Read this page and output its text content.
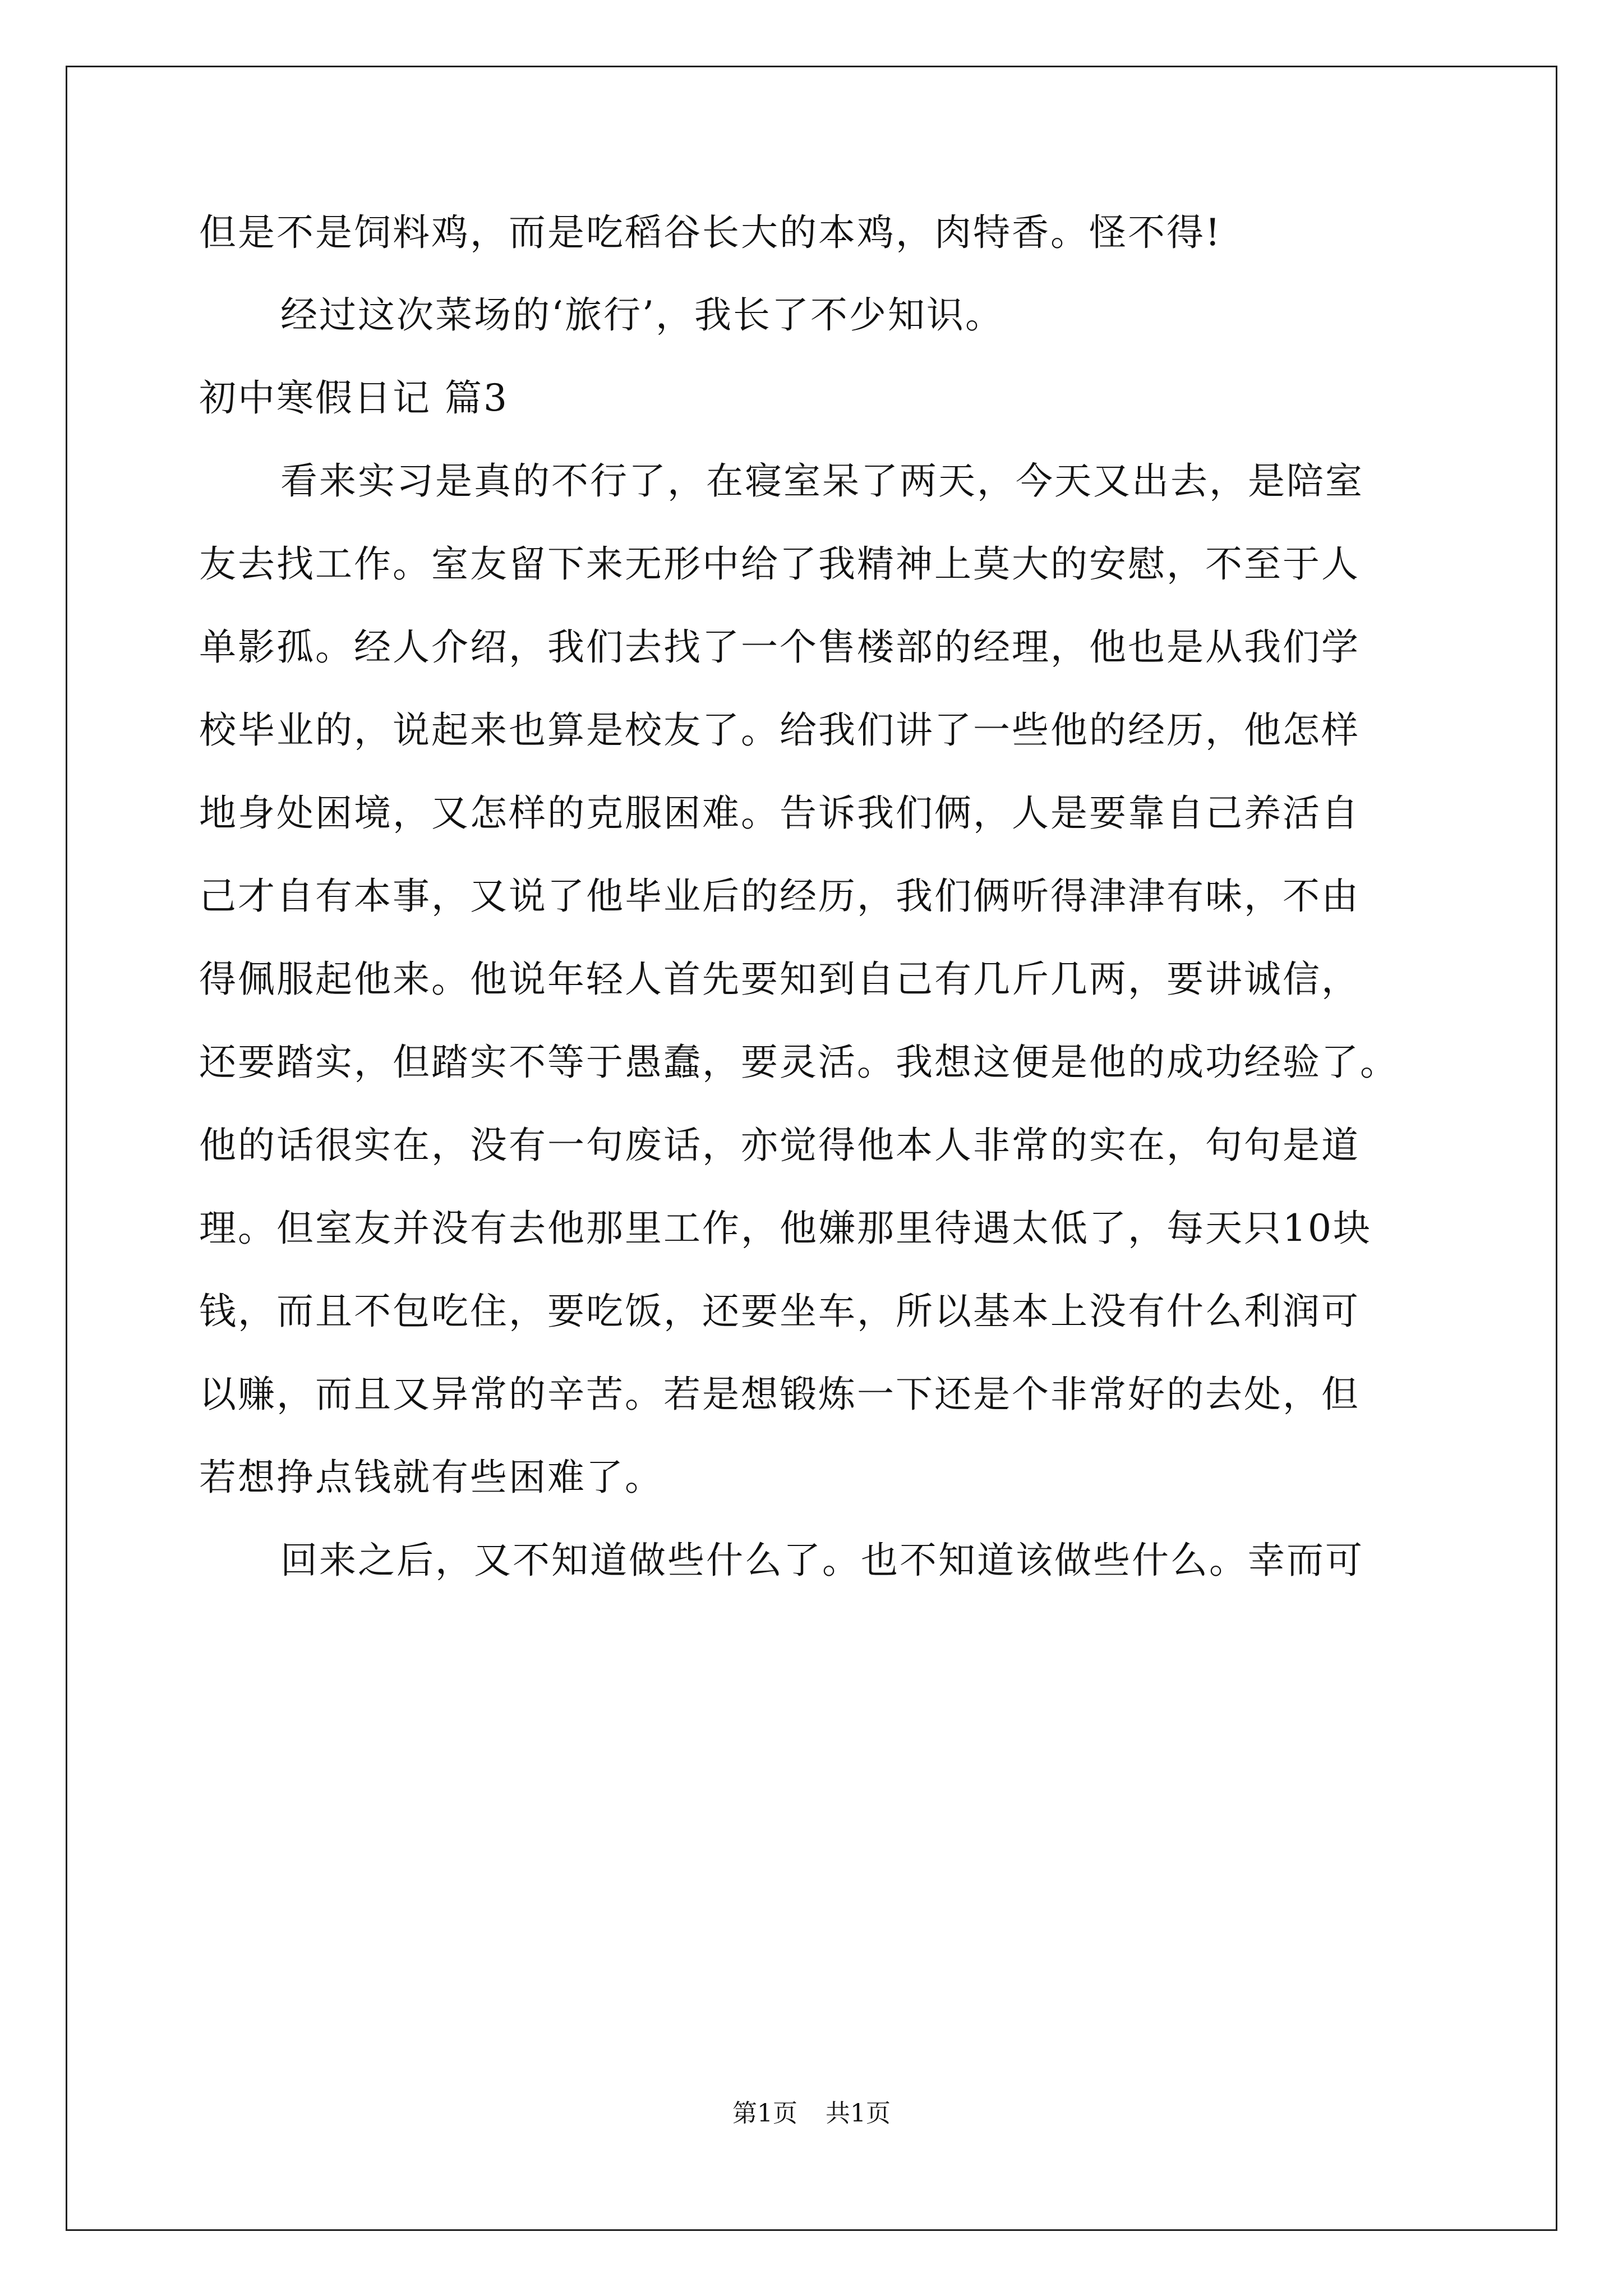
但是不是饲料鸡，而是吃稻谷长大的本鸡，肉特香。怪不得!
经过这次菜场的‘旅行’，我长了不少知识。
初中寒假日记 篇3
看来实习是真的不行了，在寝室呆了两天，今天又出去，是陪室
友去找工作。室友留下来无形中给了我精神上莫大的安慰，不至于人
单影孤。经人介绍，我们去找了一个售楼部的经理，他也是从我们学
校毕业的，说起来也算是校友了。给我们讲了一些他的经历，他怎样
地身处困境，又怎样的克服困难。告诉我们俩，人是要靠自己养活自
己才自有本事，又说了他毕业后的经历，我们俩听得津津有味，不由
得佩服起他来。他说年轻人首先要知到自己有几斤几两，要讲诚信，
还要踏实，但踏实不等于愚蠢，要灵活。我想这便是他的成功经验了。
他的话很实在，没有一句废话，亦觉得他本人非常的实在，句句是道
理。但室友并没有去他那里工作，他嫌那里待遇太低了，每天只10块
钱，而且不包吃住，要吃饭，还要坐车，所以基本上没有什么利润可
以赚，而且又异常的辛苦。若是想锻炼一下还是个非常好的去处，但
若想挣点钱就有些困难了。
回来之后，又不知道做些什么了。也不知道该做些什么。幸而可
第1页 共1页
